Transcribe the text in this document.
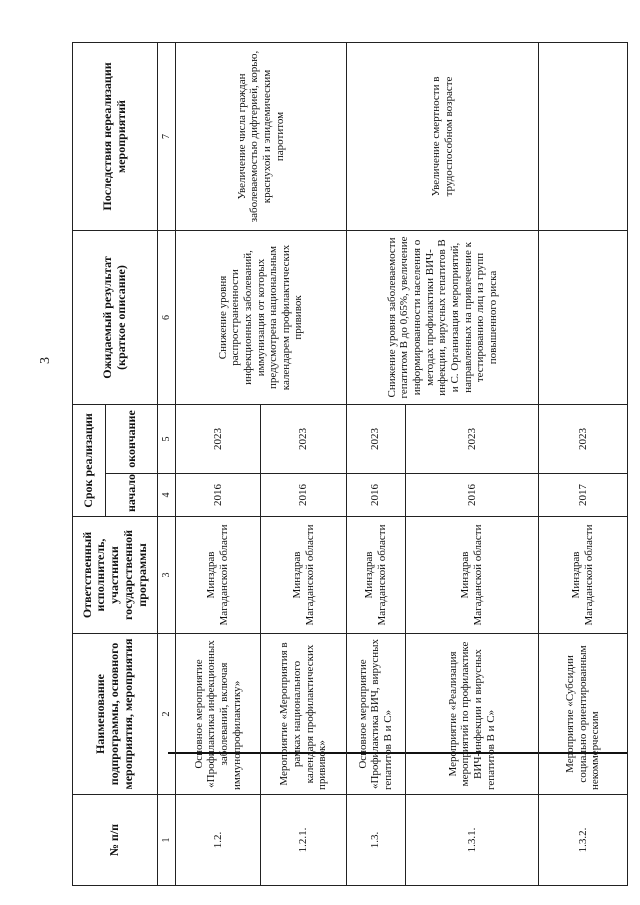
3
№ п/п	Наименование подпрограммы, основного мероприятия, мероприятия	Ответственный исполнитель, участники государственной программы	Срок реализации		Ожидаемый результат (краткое описание)	Последствия нереализации мероприятий
			начало	окончание		
1	2	3	4	5	6	7
1.2.	Основное мероприятие «Профилактика инфекционных заболеваний, включая иммунопрофилактику»	Минздрав Магаданской области	2016	2023	Снижение уровня распространенности инфекционных заболеваний, иммунизация от которых предусмотрена национальным календарем профилактических прививок	Увеличение числа граждан заболеваемостью дифтерией, корью, краснухой и эпидемическим паротитом
1.2.1.	Мероприятие «Мероприятия в рамках национального календаря профилактических прививок»	Минздрав Магаданской области	2016	2023		
1.3.	Основное мероприятие «Профилактика ВИЧ, вирусных гепатитов В и С»	Минздрав Магаданской области	2016	2023	Снижение уровня заболеваемости гепатитом В до 0,65%, увеличение информированности населения о методах профилактики ВИЧ-инфекции, вирусных гепатитов В и С. Организация мероприятий, направленных на привлечение к тестированию лиц из групп повышенного риска	Увеличение смертности в трудоспособном возрасте
1.3.1.	Мероприятие «Реализация мероприятий по профилактике ВИЧ-инфекции и вирусных гепатитов В и С»	Минздрав Магаданской области	2016	2023		
1.3.2.	Мероприятие «Субсидии социально ориентированным некоммерческим	Минздрав Магаданской области	2017	2023		
